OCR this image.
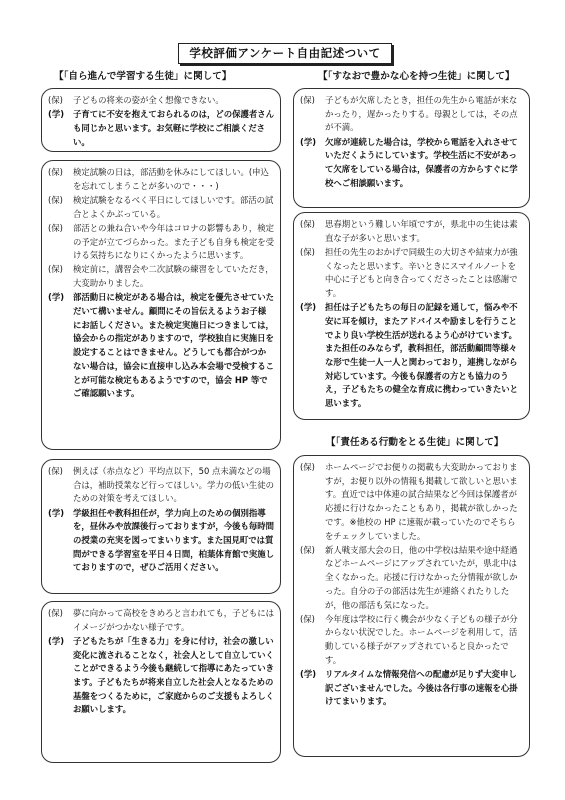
学校評価アンケート自由記述ついて
【「自ら進んで学習する生徒」に関して】	【「すなおで豊かな心を持つ生徒」に関して】
【「責任ある行動をとる生徒」に関して】
(保)	子どもの将来の姿が全く想像できない。
(学)	子育てに不安を抱えておられるのは，どの保護者さんも同じかと思います。お気軽に学校にご相談ください。
(保)	検定試験の日は，部活動を休みにしてほしい。(申込を忘れてしまうことが多いので・・・)
(保)	検定試験をなるべく平日にしてほしいです。部活の試合とよくかぶっている。
(保)	部活との兼ね合いや今年はコロナの影響もあり，検定の予定が立てづらかった。また子ども自身も検定を受ける気持ちになりにくかったように思います。
(保)	検定前に，講習会や二次試験の練習をしていただき，大変助かりました。
(学)	部活動日に検定がある場合は，検定を優先させていただいて構いません。顧問にその旨伝えるようお子様にお話しください。また検定実施日につきましては，協会からの指定がありますので，学校独自に実施日を設定することはできません。どうしても都合がつかない場合は，協会に直接申し込み本会場で受検することが可能な検定もあるようですので，協会 HP 等でご確認願います。
(保)	例えば（赤点など）平均点以下，50 点未満などの場合は，補助授業など行ってほしい。学力の低い生徒のための対策を考えてほしい。
(学)	学級担任や教科担任が，学力向上のための個別指導を，昼休みや放課後行っておりますが，今後も毎時間の授業の充実を図ってまいります。また国見町では質問ができる学習室を平日４日間，柏葉体育館で実施しておりますので，ぜひご活用ください。
(保)	夢に向かって高校をきめろと言われても，子どもにはイメージがつかない様子です。
(学)	子どもたちが「生きる力」を身に付け，社会の激しい変化に流されることなく，社会人として自立していくことができるよう今後も継続して指導にあたっていきます。子どもたちが将来自立した社会人となるための基盤をつくるために，ご家庭からのご支援もよろしくお願いします。
(保)	子どもが欠席したとき，担任の先生から電話が来なかったり，遅かったりする。母親としては，その点が不満。
(学)	欠席が連続した場合は，学校から電話を入れさせていただくようにしています。学校生活に不安があって欠席をしている場合は，保護者の方からすぐに学校へご相談願います。
(保)	思春期という難しい年頃ですが，県北中の生徒は素直な子が多いと思います。
(保)	担任の先生のおかげで同級生の大切さや結束力が強くなったと思います。辛いときにスマイルノートを中心に子どもと向き合ってくださったことは感謝です。
(学)	担任は子どもたちの毎日の記録を通して，悩みや不安に耳を傾け，またアドバイスや励ましを行うことでより良い学校生活が送れるよう心がけています。また担任のみならず，教科担任，部活動顧問等様々な形で生徒一人一人と関わっており，連携しながら対応しています。今後も保護者の方とも協力のうえ，子どもたちの健全な育成に携わっていきたいと思います。
(保)	ホームページでお便りの掲載も大変助かっておりますが，お便り以外の情報も掲載して欲しいと思います。直近では中体連の試合結果など今回は保護者が応援に行けなかったこともあり，掲載が欲しかったです。※他校の HP に速報が載っていたのでそちらをチェックしていました。
(保)	新人戦支部大会の日，他の中学校は結果や途中経過などホームページにアップされていたが，県北中は全くなかった。応援に行けなかった分情報が欲しかった。自分の子の部活は先生が連絡くれたりしたが，他の部活も気になった。
(保)	今年度は学校に行く機会が少なく子どもの様子が分からない状況でした。ホームページを利用して，活動している様子がアップされていると良かったです。
(学)	リアルタイムな情報発信への配慮が足りず大変申し訳ございませんでした。今後は各行事の速報を心掛けてまいります。
